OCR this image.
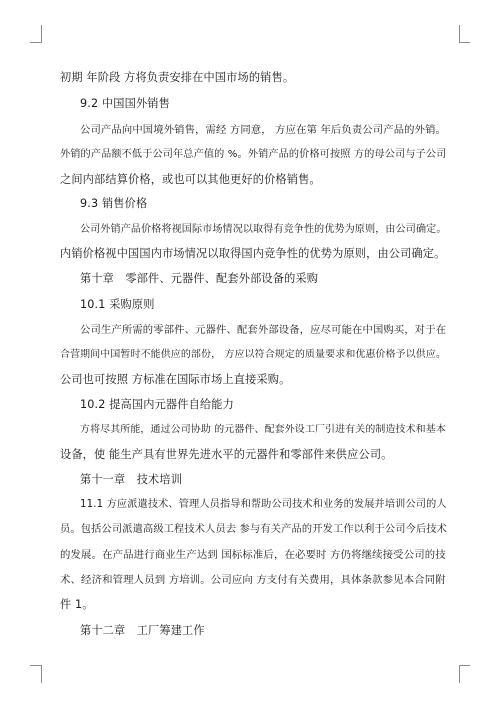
初期 年阶段 方将负责安排在中国市场的销售。
9.2 中国国外销售
公司产品向中国境外销售，需经 方同意， 方应在第 年后负责公司产品的外销。
外销的产品额不低于公司年总产值的 %。外销产品的价格可按照 方的母公司与子公司
之间内部结算价格，或也可以其他更好的价格销售。
9.3 销售价格
公司外销产品价格将视国际市场情况以取得有竞争性的优势为原则，由公司确定。
内销价格视中国国内市场情况以取得国内竞争性的优势为原则，由公司确定。
第十章　零部件、元器件、配套外部设备的采购
10.1 采购原则
公司生产所需的零部件、元器件、配套外部设备，应尽可能在中国购买，对于在
合营期间中国暂时不能供应的部份， 方应以符合规定的质量要求和优惠价格予以供应。
公司也可按照 方标准在国际市场上直接采购。
10.2 提高国内元器件自给能力
方将尽其所能，通过公司协助 的元器件、配套外设工厂引进有关的制造技术和基本
设备，使 能生产具有世界先进水平的元器件和零部件来供应公司。
第十一章　技术培训
11.1 方应派遣技术、管理人员指导和帮助公司技术和业务的发展并培训公司的人
员。包括公司派遣高级工程技术人员去 参与有关产品的开发工作以利于公司今后技术
的发展。在产品进行商业生产达到 国标标准后，在必要时 方仍将继续接受公司的技
术、经济和管理人员到 方培训。公司应向 方支付有关费用，具体条款参见本合同附
件 1。
第十二章　工厂筹建工作
